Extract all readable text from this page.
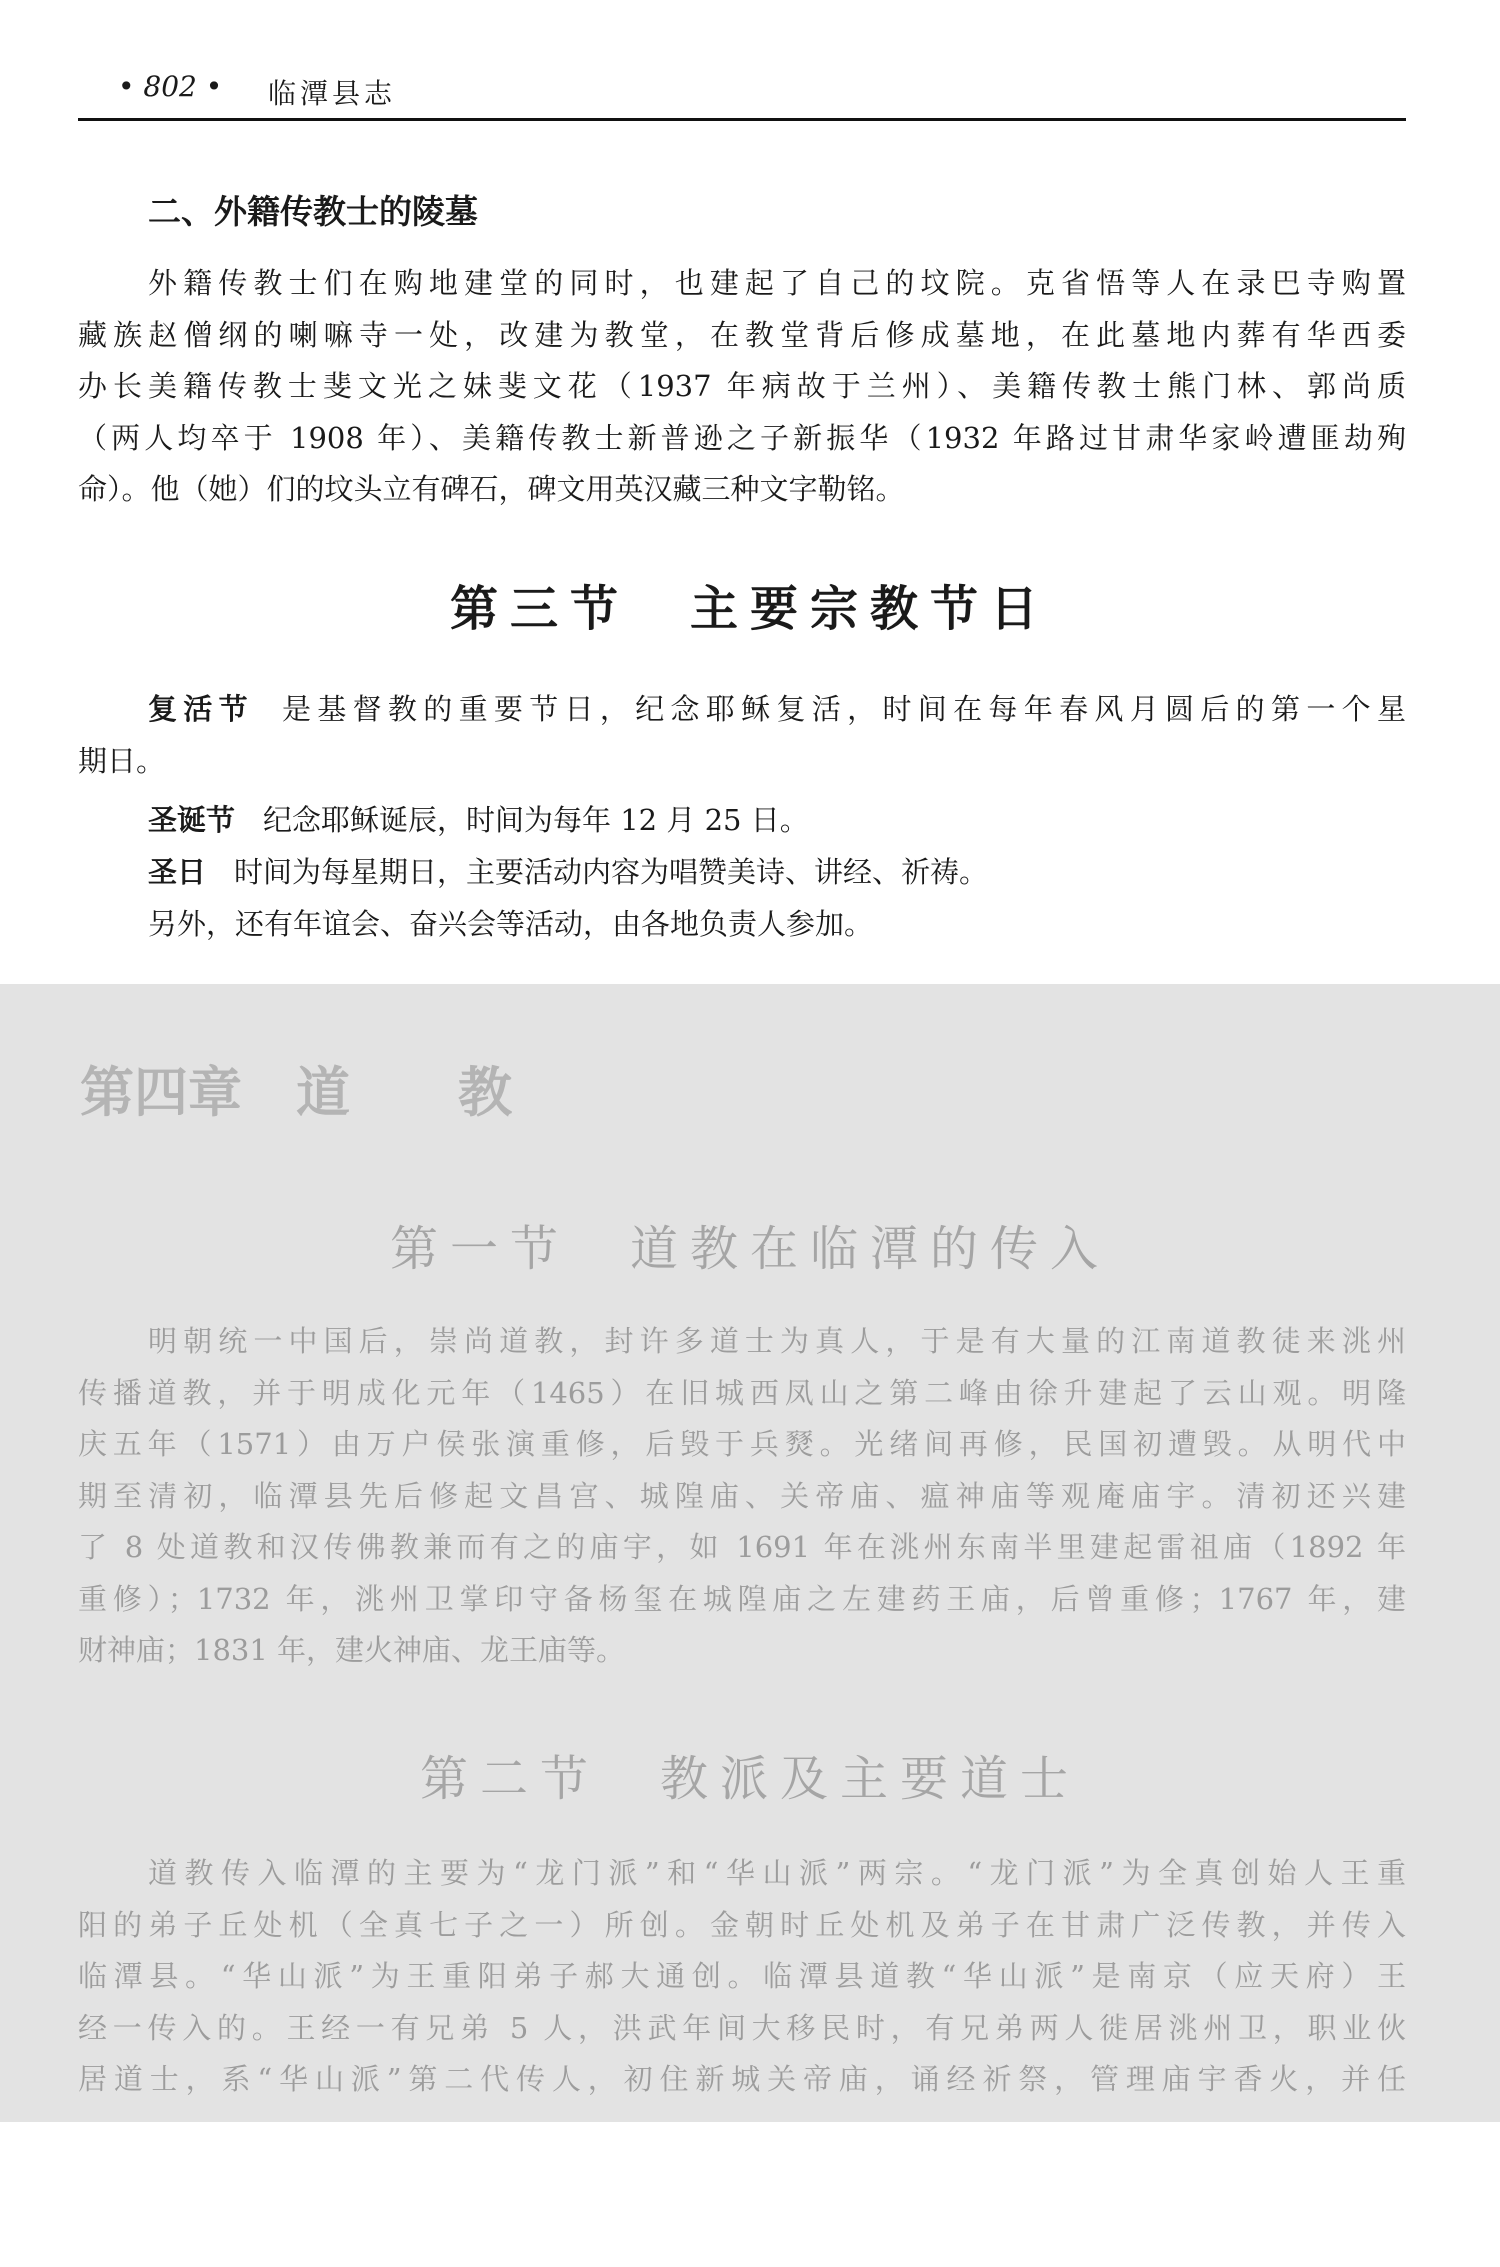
• 802 • 临潭县志
二、外籍传教士的陵墓
外籍传教士们在购地建堂的同时，也建起了自己的坟院。克省悟等人在录巴寺购置
藏族赵僧纲的喇嘛寺一处，改建为教堂，在教堂背后修成墓地，在此墓地内葬有华西委
办长美籍传教士斐文光之妹斐文花（1937 年病故于兰州）、美籍传教士熊门林、郭尚质
（两人均卒于 1908 年）、美籍传教士新普逊之子新振华（1932 年路过甘肃华家岭遭匪劫殉
命）。他（她）们的坟头立有碑石，碑文用英汉藏三种文字勒铭。
第三节　主要宗教节日
复活节 是基督教的重要节日，纪念耶稣复活，时间在每年春风月圆后的第一个星
期日。
圣诞节 纪念耶稣诞辰，时间为每年 12 月 25 日。
圣日 时间为每星期日，主要活动内容为唱赞美诗、讲经、祈祷。
另外，还有年谊会、奋兴会等活动，由各地负责人参加。
第四章　道　　教
第一节　道教在临潭的传入
明朝统一中国后，崇尚道教，封许多道士为真人，于是有大量的江南道教徒来洮州
传播道教，并于明成化元年（1465）在旧城西凤山之第二峰由徐升建起了云山观。明隆
庆五年（1571）由万户侯张演重修，后毁于兵燹。光绪间再修，民国初遭毁。从明代中
期至清初，临潭县先后修起文昌宫、城隍庙、关帝庙、瘟神庙等观庵庙宇。清初还兴建
了 8 处道教和汉传佛教兼而有之的庙宇，如 1691 年在洮州东南半里建起雷祖庙（1892 年
重修）；1732 年，洮州卫掌印守备杨玺在城隍庙之左建药王庙，后曾重修；1767 年，建
财神庙；1831 年，建火神庙、龙王庙等。
第二节　教派及主要道士
道教传入临潭的主要为“龙门派”和“华山派”两宗。“龙门派”为全真创始人王重
阳的弟子丘处机（全真七子之一）所创。金朝时丘处机及弟子在甘肃广泛传教，并传入
临潭县。“华山派”为王重阳弟子郝大通创。临潭县道教“华山派”是南京（应天府）王
经一传入的。王经一有兄弟 5 人，洪武年间大移民时，有兄弟两人徙居洮州卫，职业伙
居道士，系“华山派”第二代传人，初住新城关帝庙，诵经祈祭，管理庙宇香火，并任
